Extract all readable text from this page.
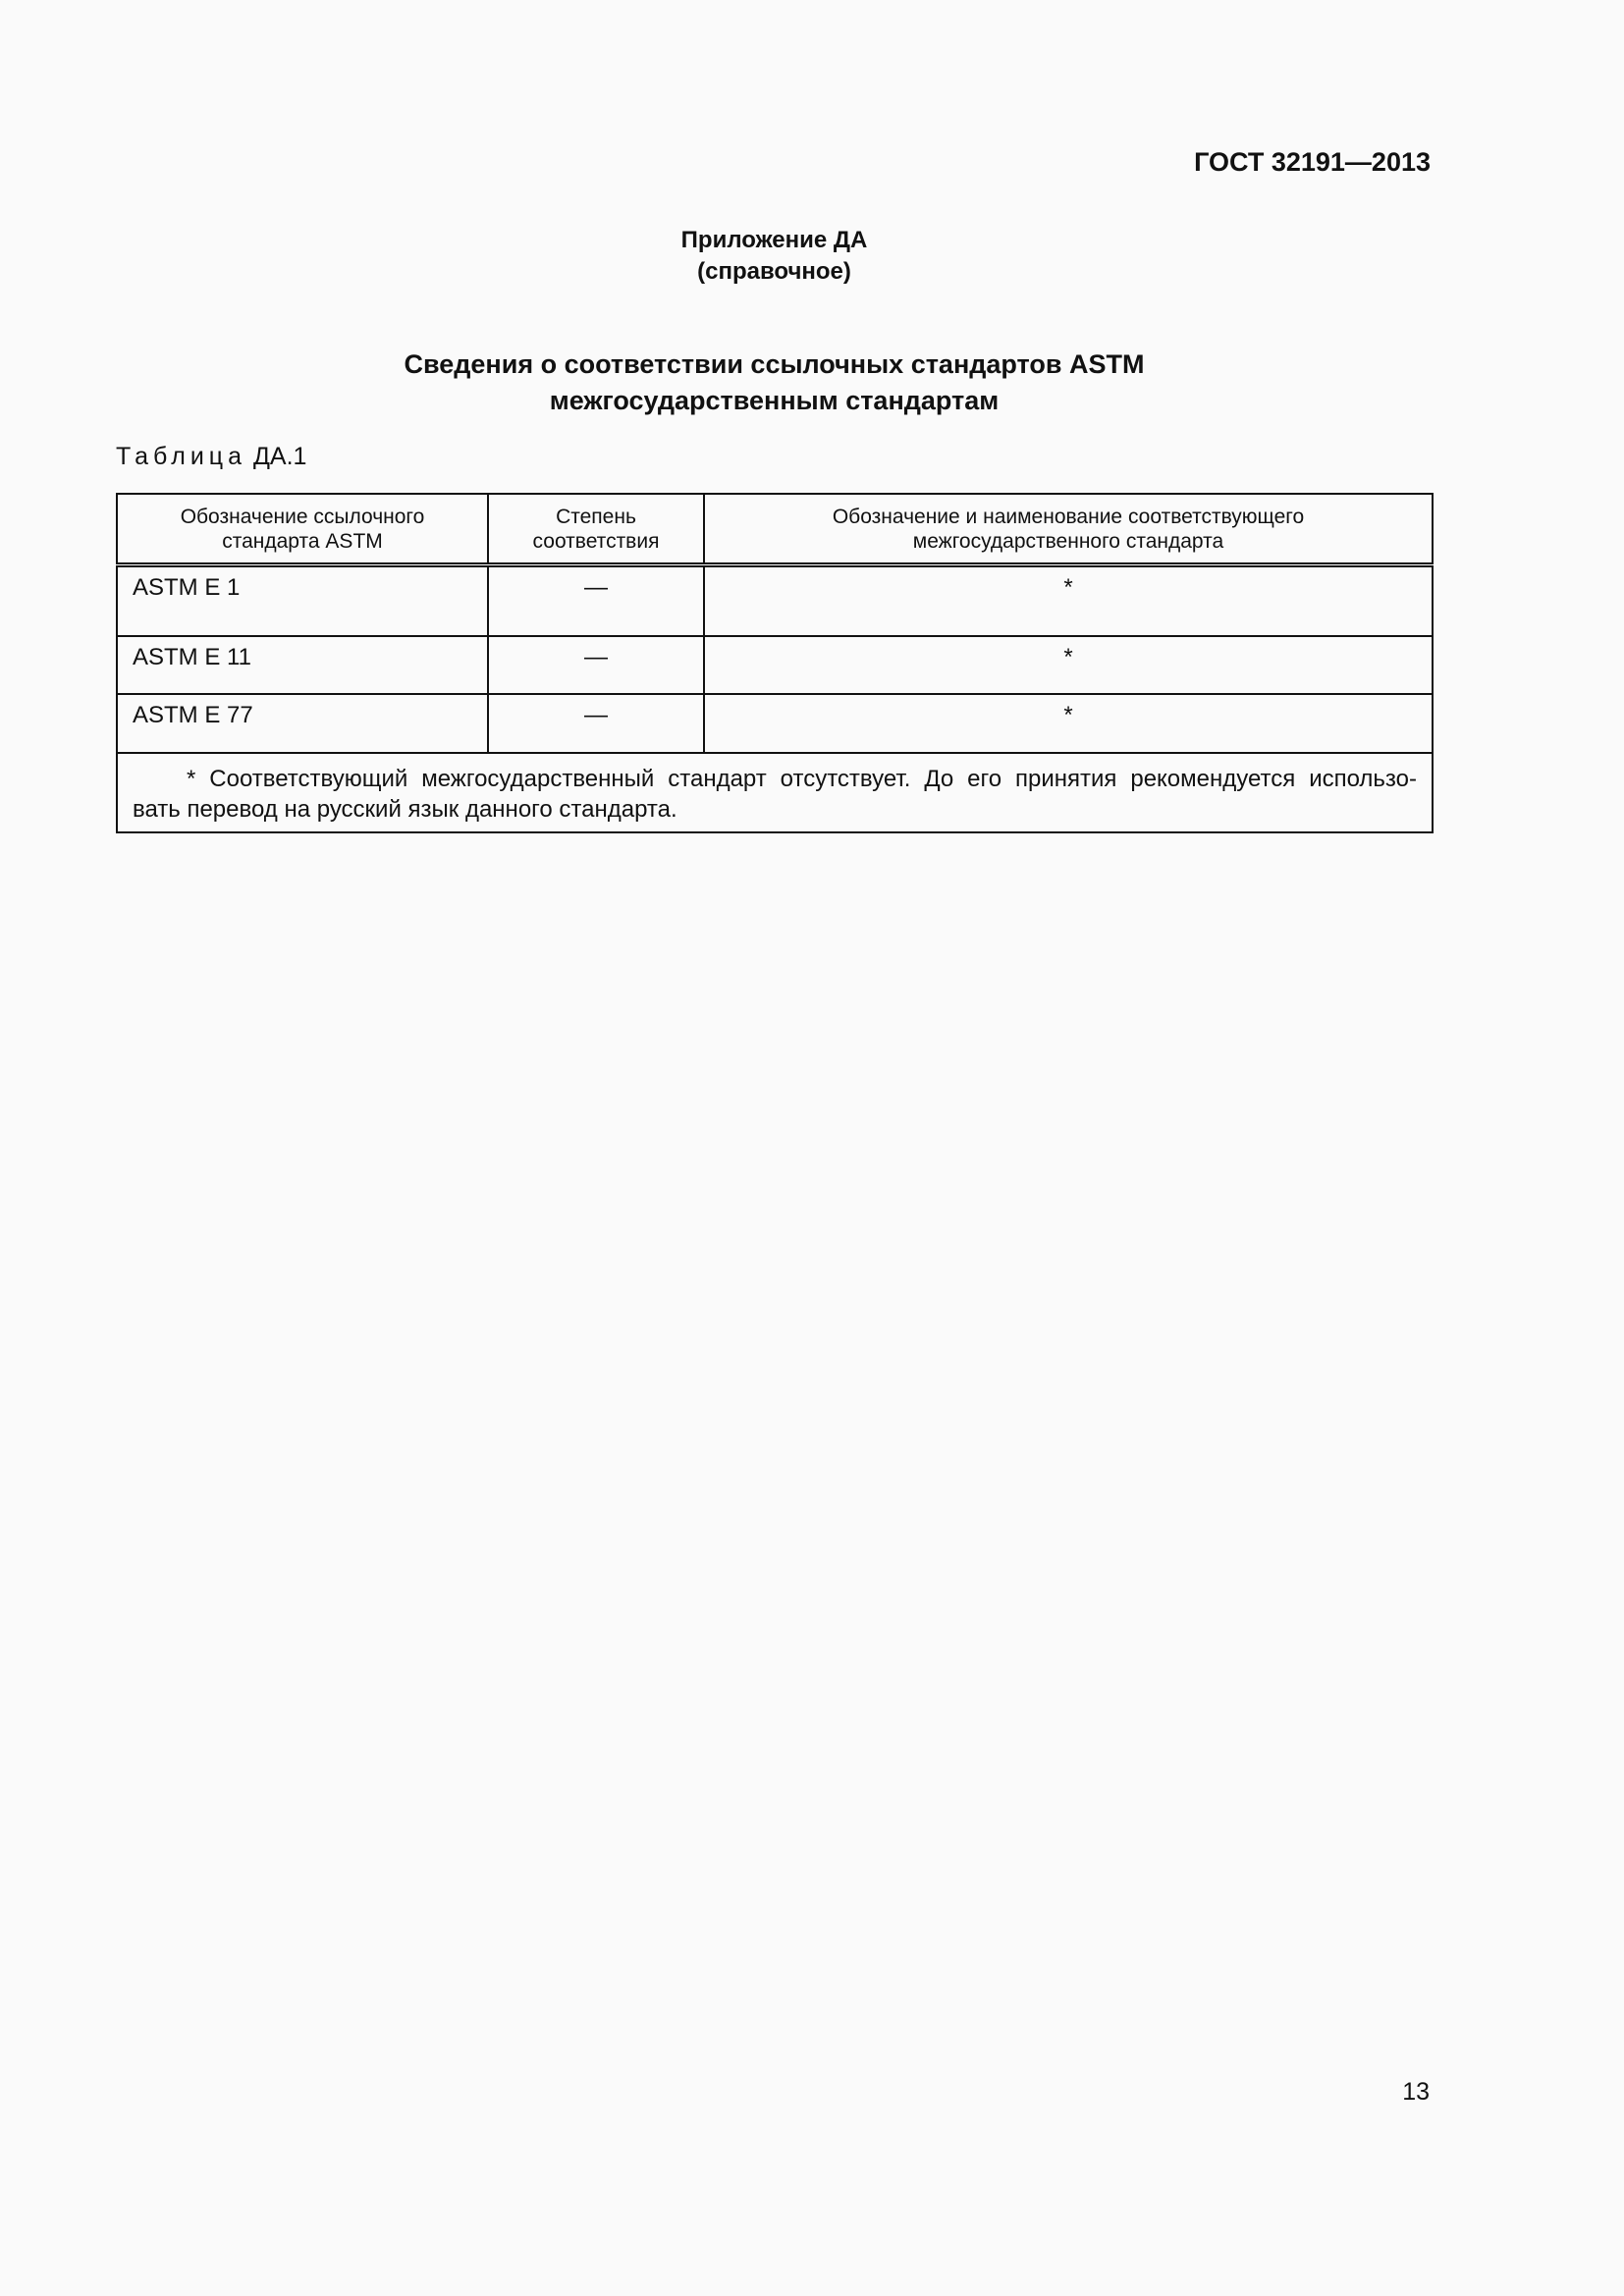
ГОСТ 32191—2013
Приложение ДА
(справочное)
Сведения о соответствии ссылочных стандартов ASTM
межгосударственным стандартам
Таблица ДА.1
Обозначение ссылочного стандарта ASTM	Степень соответствия	Обозначение и наименование соответствующего межгосударственного стандарта

ASTM E 1	—	*
ASTM E 11	—	*
ASTM E 77	—	*

* Соответствующий межгосударственный стандарт отсутствует. До его принятия рекомендуется использо-
вать перевод на русский язык данного стандарта.		
13
